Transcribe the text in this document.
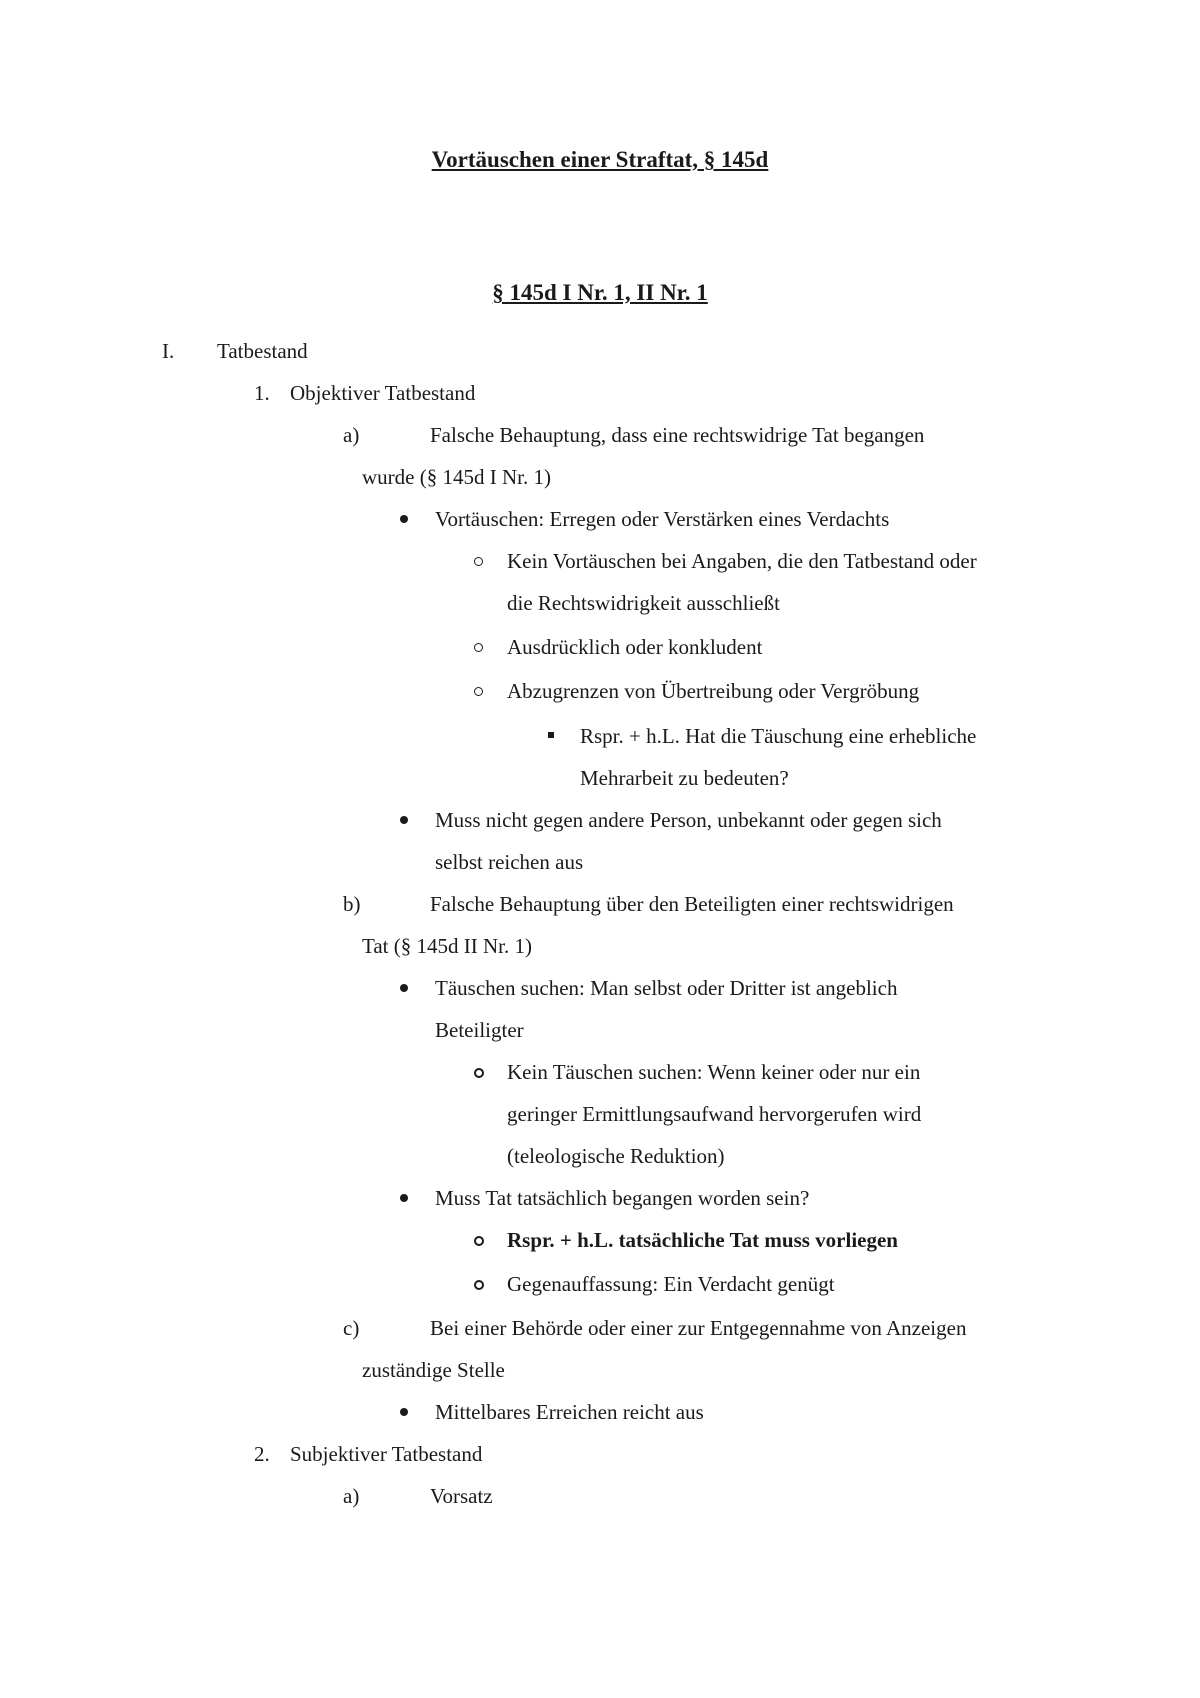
Vortäuschen einer Straftat, § 145d
§ 145d I Nr. 1, II Nr. 1
I. Tatbestand
1. Objektiver Tatbestand
a)	Falsche Behauptung, dass eine rechtswidrige Tat begangen
wurde (§ 145d I Nr. 1)
Vortäuschen: Erregen oder Verstärken eines Verdachts
Kein Vortäuschen bei Angaben, die den Tatbestand oder
die Rechtswidrigkeit ausschließt
Ausdrücklich oder konkludent
Abzugrenzen von Übertreibung oder Vergröbung
Rspr. + h.L. Hat die Täuschung eine erhebliche
Mehrarbeit zu bedeuten?
Muss nicht gegen andere Person, unbekannt oder gegen sich
selbst reichen aus
b)	Falsche Behauptung über den Beteiligten einer rechtswidrigen
Tat (§ 145d II Nr. 1)
Täuschen suchen: Man selbst oder Dritter ist angeblich
Beteiligter
Kein Täuschen suchen: Wenn keiner oder nur ein
geringer Ermittlungsaufwand hervorgerufen wird
(teleologische Reduktion)
Muss Tat tatsächlich begangen worden sein?
Rspr. + h.L. tatsächliche Tat muss vorliegen
Gegenauffassung: Ein Verdacht genügt
c)	Bei einer Behörde oder einer zur Entgegennahme von Anzeigen
zuständige Stelle
Mittelbares Erreichen reicht aus
2. Subjektiver Tatbestand
a)	Vorsatz
